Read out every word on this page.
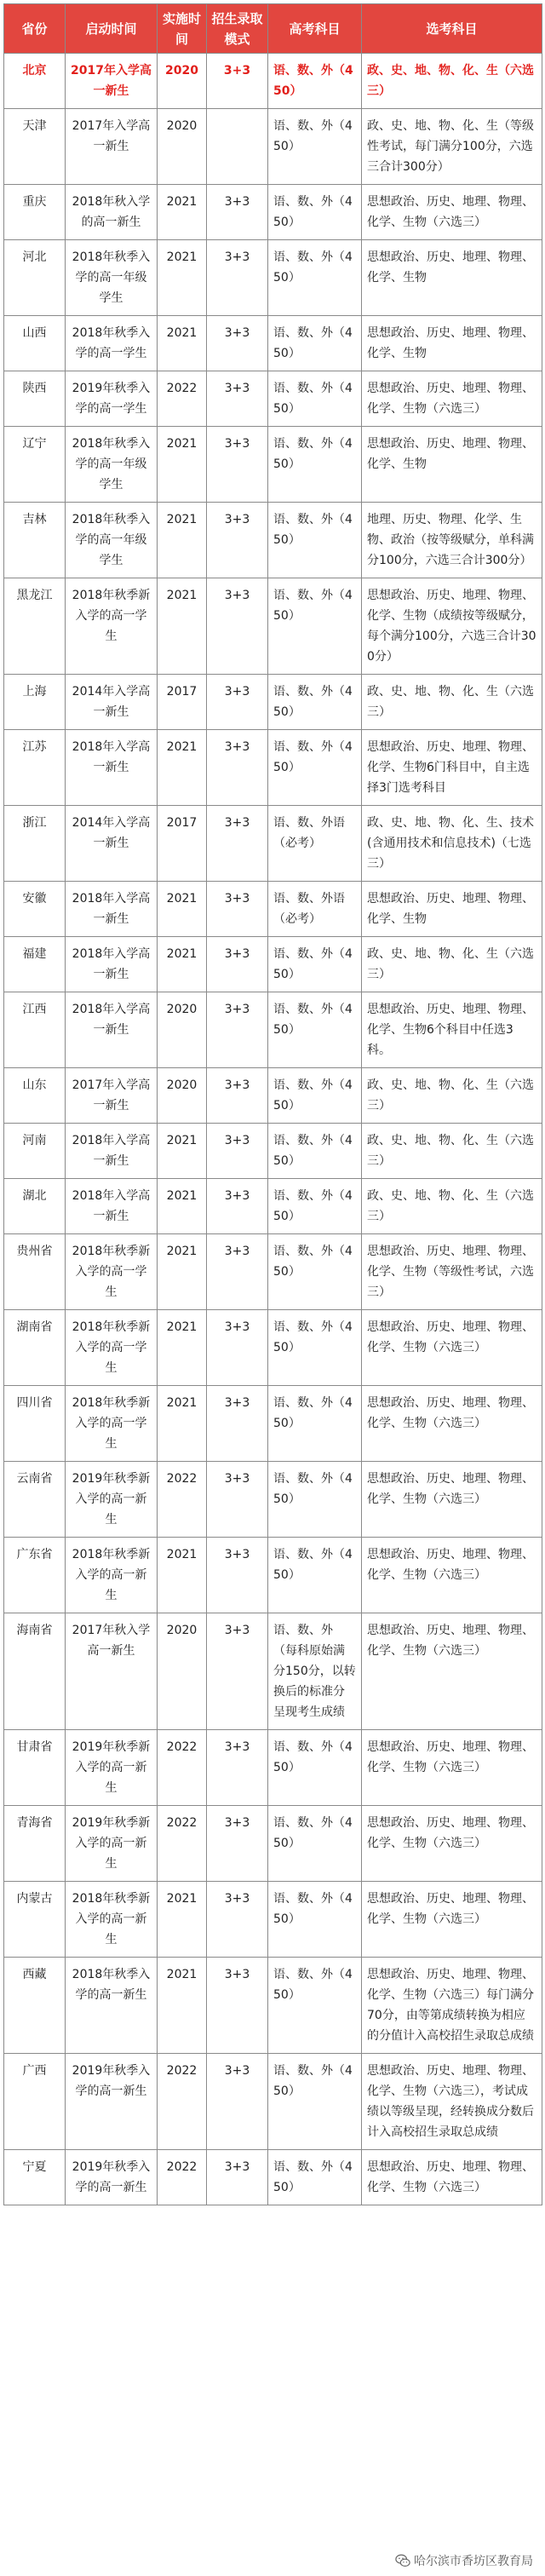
省份	启动时间	实施时间	招生录取模式	高考科目	选考科目
北京	2017年入学高一新生	2020	3+3	语、数、外（450）	政、史、地、物、化、生（六选三）
天津	2017年入学高一新生	2020		语、数、外（450）	政、史、地、物、化、生（等级性考试，每门满分100分，六选三合计300分）
重庆	2018年秋入学的高一新生	2021	3+3	语、数、外（450）	思想政治、历史、地理、物理、化学、生物（六选三）
河北	2018年秋季入学的高一年级学生	2021	3+3	语、数、外（450）	思想政治、历史、地理、物理、化学、生物
山西	2018年秋季入学的高一学生	2021	3+3	语、数、外（450）	思想政治、历史、地理、物理、化学、生物
陕西	2019年秋季入学的高一学生	2022	3+3	语、数、外（450）	思想政治、历史、地理、物理、化学、生物（六选三）
辽宁	2018年秋季入学的高一年级学生	2021	3+3	语、数、外（450）	思想政治、历史、地理、物理、化学、生物
吉林	2018年秋季入学的高一年级学生	2021	3+3	语、数、外（450）	地理、历史、物理、化学、生物、政治（按等级赋分，单科满分100分，六选三合计300分）
黑龙江	2018年秋季新入学的高一学生	2021	3+3	语、数、外（450）	思想政治、历史、地理、物理、化学、生物（成绩按等级赋分，每个满分100分，六选三合计300分）
上海	2014年入学高一新生	2017	3+3	语、数、外（450）	政、史、地、物、化、生（六选三）
江苏	2018年入学高一新生	2021	3+3	语、数、外（450）	思想政治、历史、地理、物理、化学、生物6门科目中，自主选择3门选考科目
浙江	2014年入学高一新生	2017	3+3	语、数、外语（必考）	政、史、地、物、化、生、技术(含通用技术和信息技术)（七选三）
安徽	2018年入学高一新生	2021	3+3	语、数、外语（必考）	思想政治、历史、地理、物理、化学、生物
福建	2018年入学高一新生	2021	3+3	语、数、外（450）	政、史、地、物、化、生（六选三）
江西	2018年入学高一新生	2020	3+3	语、数、外（450）	思想政治、历史、地理、物理、化学、生物6个科目中任选3科。
山东	2017年入学高一新生	2020	3+3	语、数、外（450）	政、史、地、物、化、生（六选三）
河南	2018年入学高一新生	2021	3+3	语、数、外（450）	政、史、地、物、化、生（六选三）
湖北	2018年入学高一新生	2021	3+3	语、数、外（450）	政、史、地、物、化、生（六选三）
贵州省	2018年秋季新入学的高一学生	2021	3+3	语、数、外（450）	思想政治、历史、地理、物理、化学、生物（等级性考试，六选三）
湖南省	2018年秋季新入学的高一学生	2021	3+3	语、数、外（450）	思想政治、历史、地理、物理、化学、生物（六选三）
四川省	2018年秋季新入学的高一学生	2021	3+3	语、数、外（450）	思想政治、历史、地理、物理、化学、生物（六选三）
云南省	2019年秋季新入学的高一新生	2022	3+3	语、数、外（450）	思想政治、历史、地理、物理、化学、生物（六选三）
广东省	2018年秋季新入学的高一新生	2021	3+3	语、数、外（450）	思想政治、历史、地理、物理、化学、生物（六选三）
海南省	2017年秋入学高一新生	2020	3+3	语、数、外（每科原始满分150分，以转换后的标准分呈现考生成绩	思想政治、历史、地理、物理、化学、生物（六选三）
甘肃省	2019年秋季新入学的高一新生	2022	3+3	语、数、外（450）	思想政治、历史、地理、物理、化学、生物（六选三）
青海省	2019年秋季新入学的高一新生	2022	3+3	语、数、外（450）	思想政治、历史、地理、物理、化学、生物（六选三）
内蒙古	2018年秋季新入学的高一新生	2021	3+3	语、数、外（450）	思想政治、历史、地理、物理、化学、生物（六选三）
西藏	2018年秋季入学的高一新生	2021	3+3	语、数、外（450）	思想政治、历史、地理、物理、化学、生物（六选三）每门满分70分，由等第成绩转换为相应的分值计入高校招生录取总成绩
广西	2019年秋季入学的高一新生	2022	3+3	语、数、外（450）	思想政治、历史、地理、物理、化学、生物（六选三），考试成绩以等级呈现，经转换成分数后计入高校招生录取总成绩
宁夏	2019年秋季入学的高一新生	2022	3+3	语、数、外（450）	思想政治、历史、地理、物理、化学、生物（六选三）
哈尔滨市香坊区教育局
